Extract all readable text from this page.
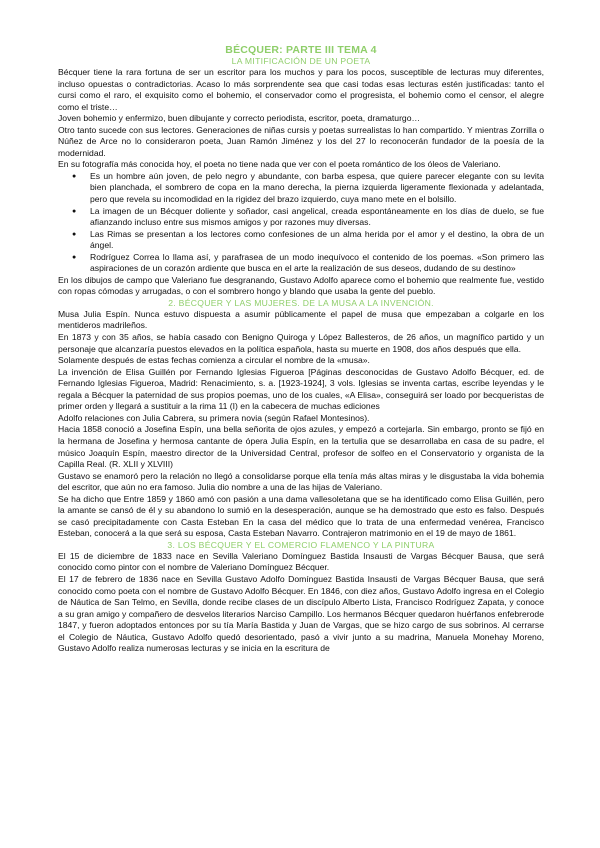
BÉCQUER: PARTE III TEMA 4
LA MITIFICACIÓN DE UN POETA

Bécquer tiene la rara fortuna de ser un escritor para los muchos y para los pocos, susceptible de lecturas muy diferentes, incluso opuestas o contradictorias. Acaso lo más sorprendente sea que casi todas esas lecturas estén justificadas: tanto el cursi como el raro, el exquisito como el bohemio, el conservador como el progresista, el bohemio como el censor, el alegre como el triste…

Joven bohemio y enfermizo, buen dibujante y correcto periodista, escritor, poeta, dramaturgo…

Otro tanto sucede con sus lectores. Generaciones de niñas cursis y poetas surrealistas lo han compartido. Y mientras Zorrilla o Núñez de Arce no lo consideraron poeta, Juan Ramón Jiménez y los del 27 lo reconocerán fundador de la poesía de la modernidad.

En su fotografía más conocida hoy, el poeta no tiene nada que ver con el poeta romántico de los óleos de Valeriano.

● Es un hombre aún joven, de pelo negro y abundante, con barba espesa, que quiere parecer elegante con su levita bien planchada, el sombrero de copa en la mano derecha, la pierna izquierda ligeramente flexionada y adelantada, pero que revela su incomodidad en la rigidez del brazo izquierdo, cuya mano mete en el bolsillo.
● La imagen de un Bécquer doliente y soñador, casi angelical, creada espontáneamente en los días de duelo, se fue afianzando incluso entre sus mismos amigos y por razones muy diversas.
● Las Rimas se presentan a los lectores como confesiones de un alma herida por el amor y el destino, la obra de un ángel.
● Rodríguez Correa lo llama así, y parafrasea de un modo inequívoco el contenido de los poemas. «Son primero las aspiraciones de un corazón ardiente que busca en el arte la realización de sus deseos, dudando de su destino»

En los dibujos de campo que Valeriano fue desgranando, Gustavo Adolfo aparece como el bohemio que realmente fue, vestido con ropas cómodas y arrugadas, o con el sombrero hongo y blando que usaba la gente del pueblo.

2. BÉCQUER Y LAS MUJERES. DE LA MUSA A LA INVENCIÓN.

Musa Julia Espín. Nunca estuvo dispuesta a asumir públicamente el papel de musa que empezaban a colgarle en los mentideros madrileños.

En 1873 y con 35 años, se había casado con Benigno Quiroga y López Ballesteros, de 26 años, un magnífico partido y un personaje que alcanzaría puestos elevados en la política española, hasta su muerte en 1908, dos años después que ella.

Solamente después de estas fechas comienza a circular el nombre de la «musa».

La invención de Elisa Guillén por Fernando Iglesias Figueroa [Páginas desconocidas de Gustavo Adolfo Bécquer, ed. de Fernando Iglesias Figueroa, Madrid: Renacimiento, s. a. [1923-1924], 3 vols. Iglesias se inventa cartas, escribe leyendas y le regala a Bécquer la paternidad de sus propios poemas, uno de los cuales, «A Elisa», conseguirá ser loado por becqueristas de primer orden y llegará a sustituir a la rima 11 (I) en la cabecera de muchas ediciones

Adolfo relaciones con Julia Cabrera, su primera novia (según Rafael Montesinos).

Hacia 1858 conoció a Josefina Espín, una bella señorita de ojos azules, y empezó a cortejarla. Sin embargo, pronto se fijó en la hermana de Josefina y hermosa cantante de ópera Julia Espín, en la tertulia que se desarrollaba en casa de su padre, el músico Joaquín Espín, maestro director de la Universidad Central, profesor de solfeo en el Conservatorio y organista de la Capilla Real. (R. XLII y XLVIII)

Gustavo se enamoró pero la relación no llegó a consolidarse porque ella tenía más altas miras y le disgustaba la vida bohemia del escritor, que aún no era famoso. Julia dio nombre a una de las hijas de Valeriano.

Se ha dicho que Entre 1859 y 1860 amó con pasión a una dama vallesoletana que se ha identificado como Elisa Guillén, pero la amante se cansó de él y su abandono lo sumió en la desesperación, aunque se ha demostrado que esto es falso. Después se casó precipitadamente con Casta Esteban En la casa del médico que lo trata de una enfermedad venérea, Francisco Esteban, conocerá a la que será su esposa, Casta Esteban Navarro. Contrajeron matrimonio en el 19 de mayo de 1861.

3. LOS BÉCQUER Y EL COMERCIO FLAMENCO Y LA PINTURA

El 15 de diciembre de 1833 nace en Sevilla Valeriano Domínguez Bastida Insausti de Vargas Bécquer Bausa, que será conocido como pintor con el nombre de Valeriano Domínguez Bécquer.

El 17 de febrero de 1836 nace en Sevilla Gustavo Adolfo Domínguez Bastida Insausti de Vargas Bécquer Bausa, que será conocido como poeta con el nombre de Gustavo Adolfo Bécquer. En 1846, con diez años, Gustavo Adolfo ingresa en el Colegio de Náutica de San Telmo, en Sevilla, donde recibe clases de un discípulo Alberto Lista, Francisco Rodríguez Zapata, y conoce a su gran amigo y compañero de desvelos literarios Narciso Campillo. Los hermanos Bécquer quedaron huérfanos enfebrerode 1847, y fueron adoptados entonces por su tía María Bastida y Juan de Vargas, que se hizo cargo de sus sobrinos. Al cerrarse el Colegio de Náutica, Gustavo Adolfo quedó desorientado, pasó a vivir junto a su madrina, Manuela Monehay Moreno, Gustavo Adolfo realiza numerosas lecturas y se inicia en la escritura de
